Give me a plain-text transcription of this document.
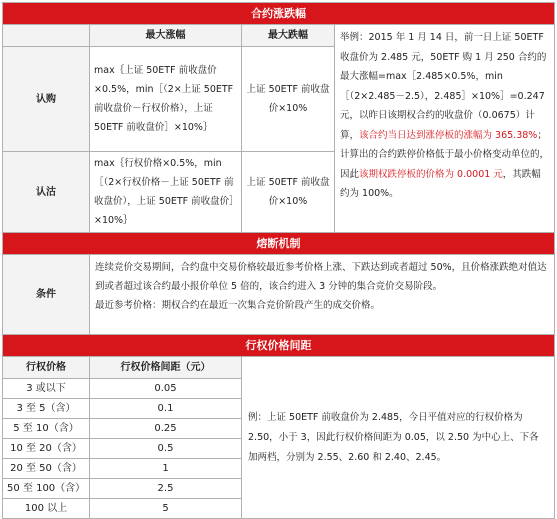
合约涨跌幅			
	最大涨幅	最大跌幅	举例：2015 年 1 月 14 日，前一日上证 50ETF 收盘价为 2.485 元，50ETF 购 1 月 250 合约的最大涨幅=max［2.485×0.5%，min［（2×2.485－2.5），2.485］×10%］=0.247 元，以昨日该期权合约的收盘价（0.0675）计算，该合约当日达到涨停板的涨幅为 365.38%；计算出的合约跌停价格低于最小价格变动单位的，因此该期权跌停板的价格为 0.0001 元，其跌幅约为 100%。
认购	max｛上证 50ETF 前收盘价×0.5%，min［（2×上证 50ETF 前收盘价－行权价格），上证 50ETF 前收盘价］×10%｝	上证 50ETF 前收盘价×10%	
认沽	max｛行权价格×0.5%，min［（2×行权价格－上证 50ETF 前收盘价），上证 50ETF 前收盘价］×10%｝	上证 50ETF 前收盘价×10%	
熔断机制			
条件	连续竞价交易期间，合约盘中交易价格较最近参考价格上涨、下跌达到或者超过 50%，且价格涨跌绝对值达到或者超过该合约最小报价单位 5 倍的，该合约进入 3 分钟的集合竞价交易阶段。
最近参考价格：期权合约在最近一次集合竞价阶段产生的成交价格。		

行权价格间距			
行权价格	行权价格间距（元）	例：上证 50ETF 前收盘价为 2.485，今日平值对应的行权价格为 2.50，小于 3，因此行权价格间距为 0.05，以 2.50 为中心上、下各加两档，分别为 2.55、2.60 和 2.40、2.45。	
3 或以下	0.05		
3 至 5（含）	0.1		
5 至 10（含）	0.25		
10 至 20（含）	0.5		
20 至 50（含）	1		
50 至 100（含）	2.5		
100 以上	5		
